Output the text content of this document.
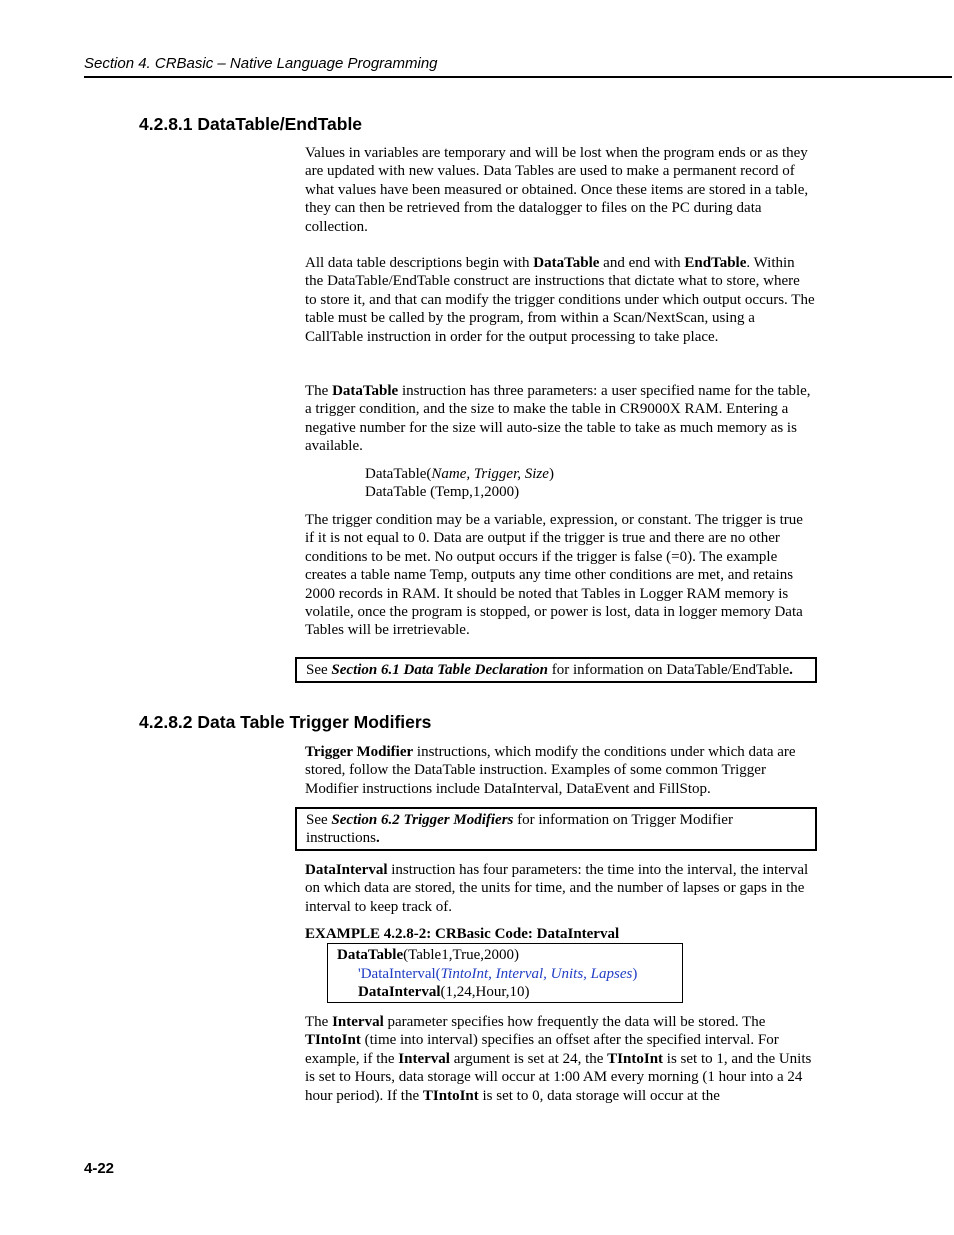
Section 4. CRBasic – Native Language Programming
4.2.8.1 DataTable/EndTable

Values in variables are temporary and will be lost when the program ends or as they are updated with new values. Data Tables are used to make a permanent record of what values have been measured or obtained. Once these items are stored in a table, they can then be retrieved from the datalogger to files on the PC during data collection.

All data table descriptions begin with DataTable and end with EndTable. Within the DataTable/EndTable construct are instructions that dictate what to store, where to store it, and that can modify the trigger conditions under which output occurs. The table must be called by the program, from within a Scan/NextScan, using a CallTable instruction in order for the output processing to take place.

The DataTable instruction has three parameters: a user specified name for the table, a trigger condition, and the size to make the table in CR9000X RAM. Entering a negative number for the size will auto-size the table to take as much memory as is available.

DataTable(Name, Trigger, Size)
DataTable (Temp,1,2000)

The trigger condition may be a variable, expression, or constant. The trigger is true if it is not equal to 0. Data are output if the trigger is true and there are no other conditions to be met. No output occurs if the trigger is false (=0). The example creates a table name Temp, outputs any time other conditions are met, and retains 2000 records in RAM. It should be noted that Tables in Logger RAM memory is volatile, once the program is stopped, or power is lost, data in logger memory Data Tables will be irretrievable.

See Section 6.1 Data Table Declaration for information on DataTable/EndTable.
4.2.8.2 Data Table Trigger Modifiers

Trigger Modifier instructions, which modify the conditions under which data are stored, follow the DataTable instruction. Examples of some common Trigger Modifier instructions include DataInterval, DataEvent and FillStop.

See Section 6.2 Trigger Modifiers for information on Trigger Modifier instructions.

DataInterval instruction has four parameters: the time into the interval, the interval on which data are stored, the units for time, and the number of lapses or gaps in the interval to keep track of.

EXAMPLE 4.2.8-2: CRBasic Code: DataInterval
DataTable(Table1,True,2000)
'DataInterval(TintoInt, Interval, Units, Lapses)
DataInterval(1,24,Hour,10)

The Interval parameter specifies how frequently the data will be stored. The TIntoInt (time into interval) specifies an offset after the specified interval. For example, if the Interval argument is set at 24, the TIntoInt is set to 1, and the Units is set to Hours, data storage will occur at 1:00 AM every morning (1 hour into a 24 hour period). If the TIntoInt is set to 0, data storage will occur at the

4-22
